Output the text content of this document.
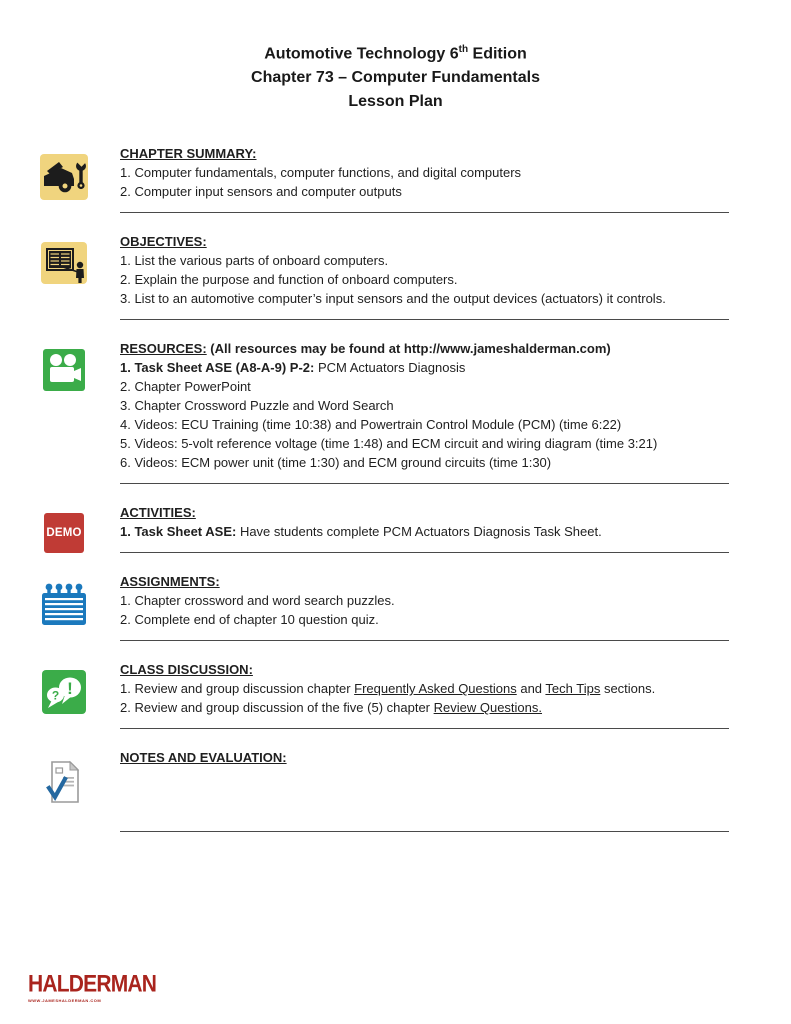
Automotive Technology 6th Edition
Chapter 73 – Computer Fundamentals
Lesson Plan
CHAPTER SUMMARY:
1. Computer fundamentals, computer functions, and digital computers
2. Computer input sensors and computer outputs
OBJECTIVES:
1. List the various parts of onboard computers.
2. Explain the purpose and function of onboard computers.
3. List to an automotive computer’s input sensors and the output devices (actuators) it controls.
RESOURCES: (All resources may be found at http://www.jameshalderman.com)
1. Task Sheet ASE (A8-A-9) P-2: PCM Actuators Diagnosis
2. Chapter PowerPoint
3. Chapter Crossword Puzzle and Word Search
4. Videos: ECU Training (time 10:38) and Powertrain Control Module (PCM) (time 6:22)
5. Videos: 5-volt reference voltage (time 1:48) and ECM circuit and wiring diagram (time 3:21)
6. Videos: ECM power unit (time 1:30) and ECM ground circuits (time 1:30)
DEMO
ACTIVITIES:
1. Task Sheet ASE: Have students complete PCM Actuators Diagnosis Task Sheet.
ASSIGNMENTS:
1. Chapter crossword and word search puzzles.
2. Complete end of chapter 10 question quiz.
? !
CLASS DISCUSSION:
1. Review and group discussion chapter Frequently Asked Questions and Tech Tips sections.
2. Review and group discussion of the five (5) chapter Review Questions.
NOTES AND EVALUATION:
HALDERMAN
WWW.JAMESHALDERMAN.COM
